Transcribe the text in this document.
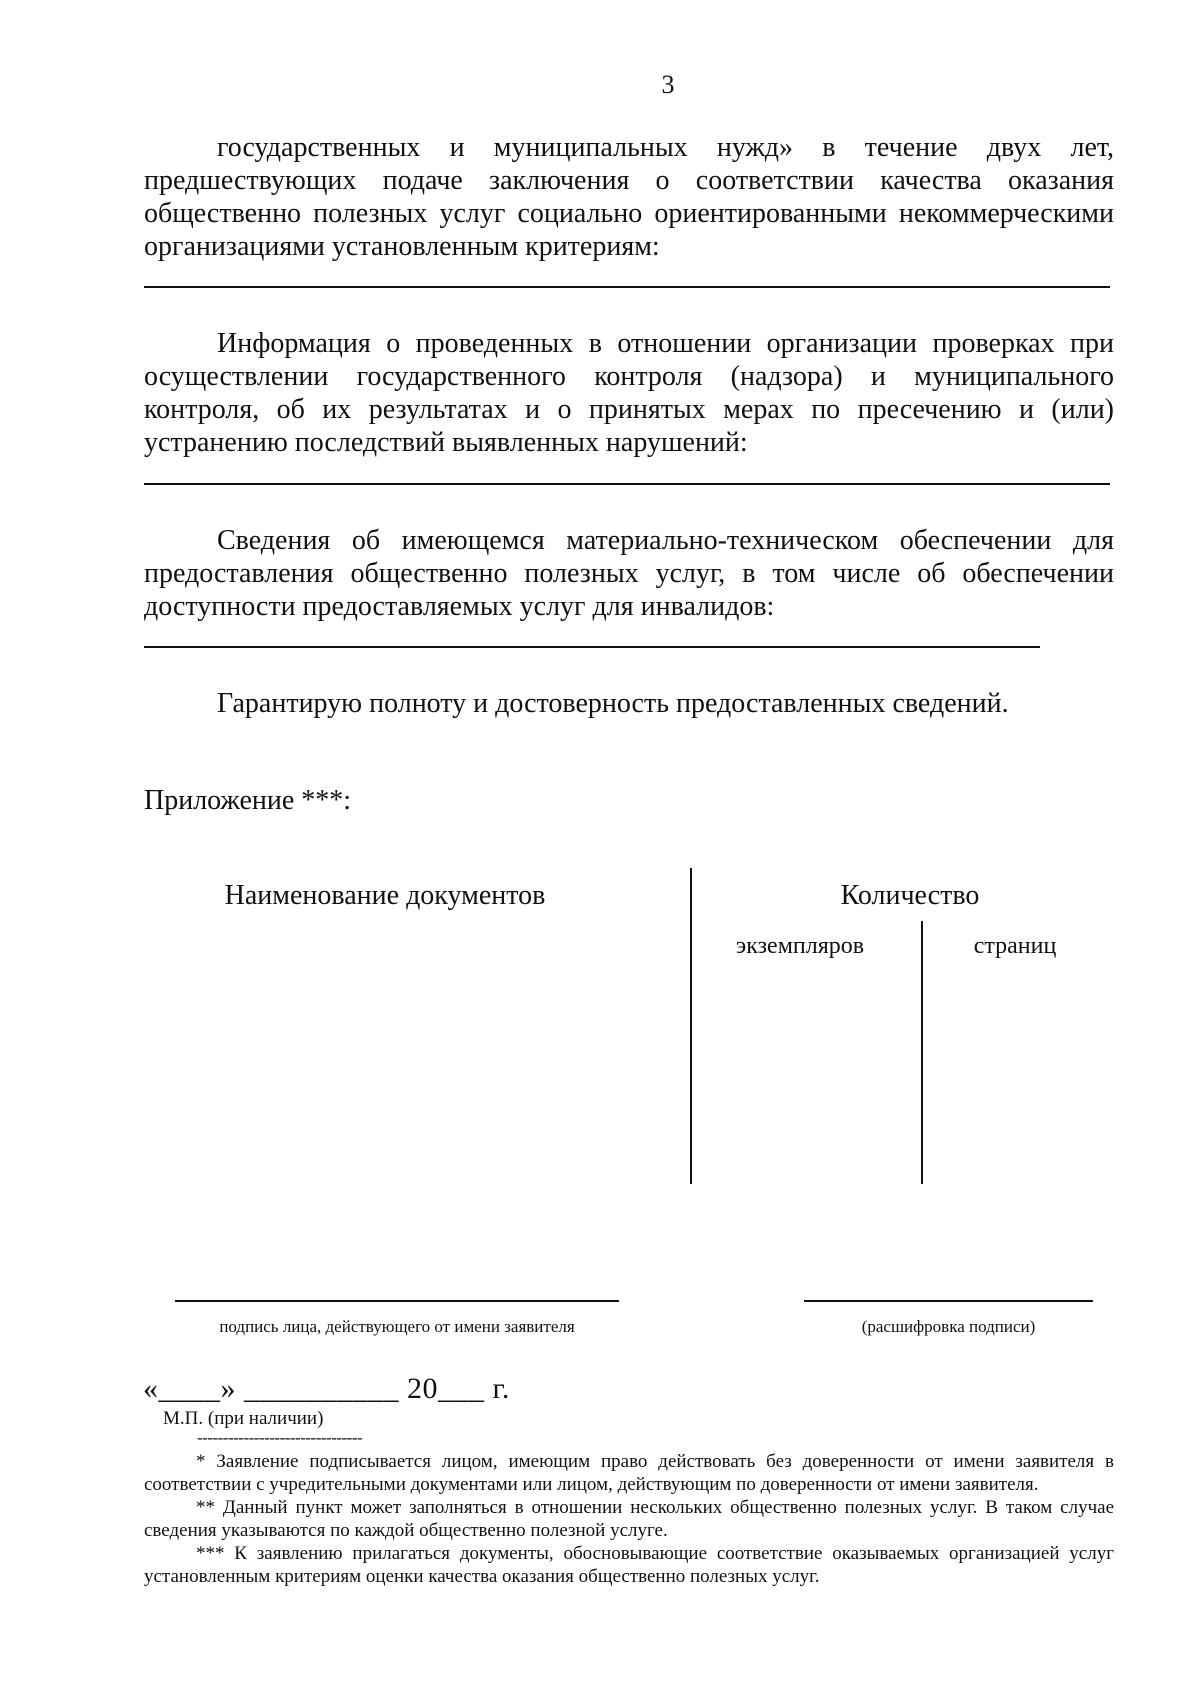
3
государственных и муниципальных нужд» в течение двух лет, предшествующих подаче заключения о соответствии качества оказания общественно полезных услуг социально ориентированными некоммерческими организациями установленным критериям:
Информация о проведенных в отношении организации проверках при осуществлении государственного контроля (надзора) и муниципального контроля, об их результатах и о принятых мерах по пресечению и (или) устранению последствий выявленных нарушений:
Сведения об имеющемся материально-техническом обеспечении для предоставления общественно полезных услуг, в том числе об обеспечении доступности предоставляемых услуг для инвалидов:
Гарантирую полноту и достоверность предоставленных сведений.
Приложение ***:
Наименование документов	Количество
экземпляров	страниц
подпись лица, действующего от имени заявителя	(расшифровка подписи)
«____» __________ 20___ г.
М.П. (при наличии)
--------------------------------
* Заявление подписывается лицом, имеющим право действовать без доверенности от имени заявителя в соответствии с учредительными документами или лицом, действующим по доверенности от имени заявителя.
** Данный пункт может заполняться в отношении нескольких общественно полезных услуг. В таком случае сведения указываются по каждой общественно полезной услуге.
*** К заявлению прилагаться документы, обосновывающие соответствие оказываемых организацией услуг установленным критериям оценки качества оказания общественно полезных услуг.
